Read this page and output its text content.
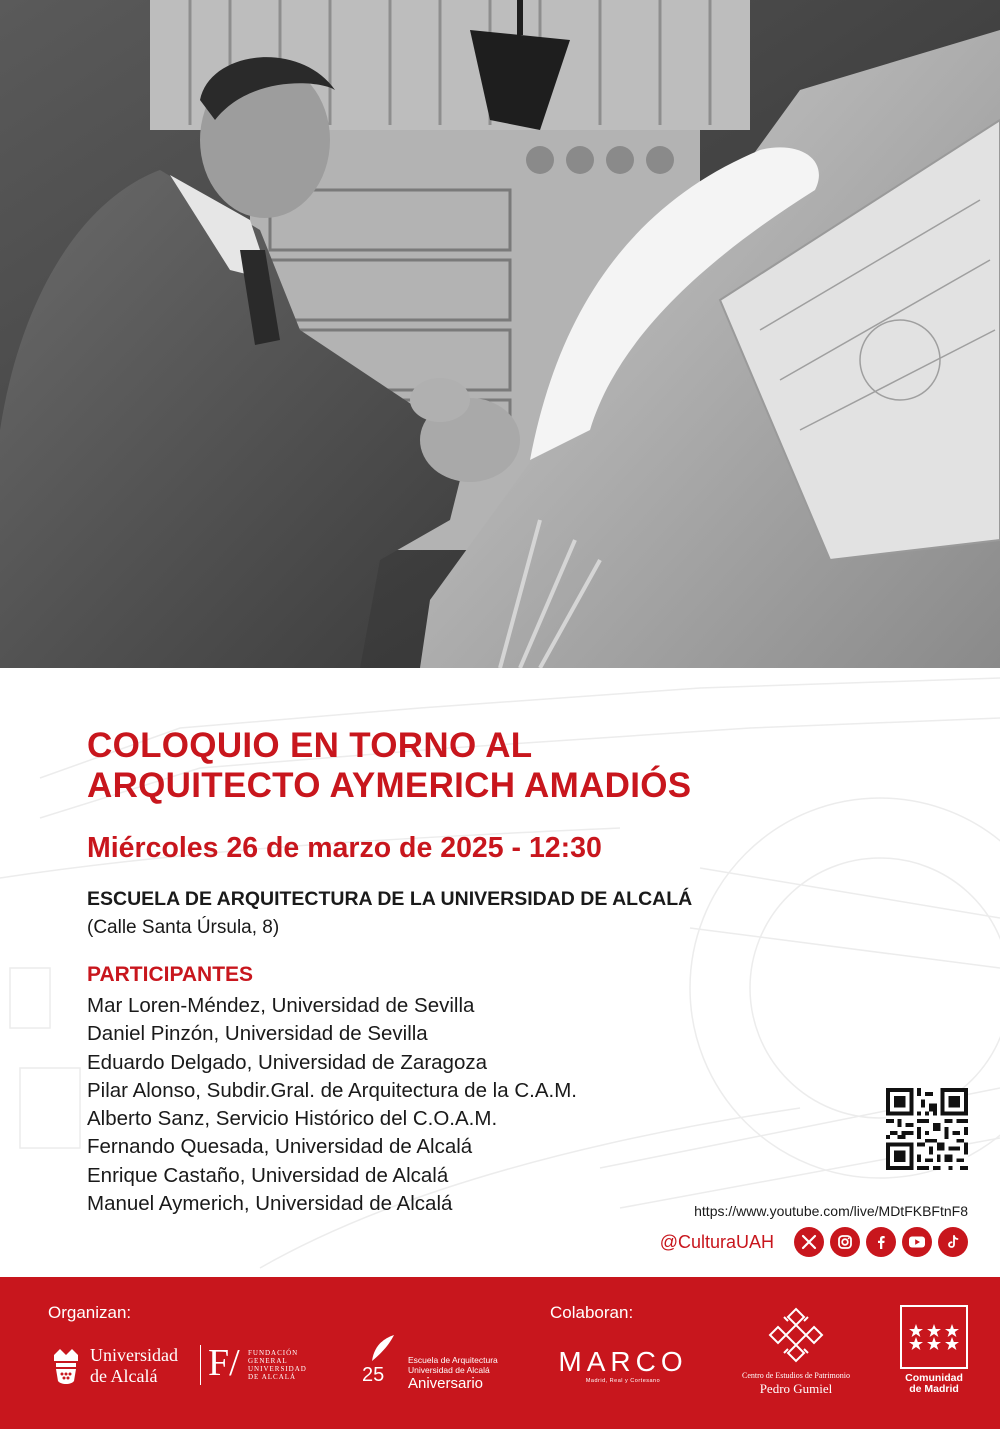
COLOQUIO EN TORNO AL
ARQUITECTO AYMERICH AMADIÓS
Miércoles 26 de marzo de 2025 - 12:30
ESCUELA DE ARQUITECTURA DE LA UNIVERSIDAD DE ALCALÁ
(Calle Santa Úrsula, 8)
PARTICIPANTES
Mar Loren-Méndez, Universidad de Sevilla
Daniel Pinzón, Universidad de Sevilla
Eduardo Delgado, Universidad de Zaragoza
Pilar Alonso, Subdir.Gral. de Arquitectura de la C.A.M.
Alberto Sanz, Servicio Histórico del C.O.A.M.
Fernando Quesada, Universidad de Alcalá
Enrique Castaño, Universidad de Alcalá
Manuel Aymerich, Universidad de Alcalá	https://www.youtube.com/live/MDtFKBFtnF8
@CulturaUAH
Organizan:	Colaboran:
Universidad de Alcalá	F/ FUNDACIÓN
GENERAL
UNIVERSIDAD
DE ALCALÁ	25
Escuela de Arquitectura
Universidad de Alcalá
Aniversario
MARCO
Madrid, Real y Cortesano
Centro de Estudios de Patrimonio
Pedro Gumiel
Comunidad
de Madrid
